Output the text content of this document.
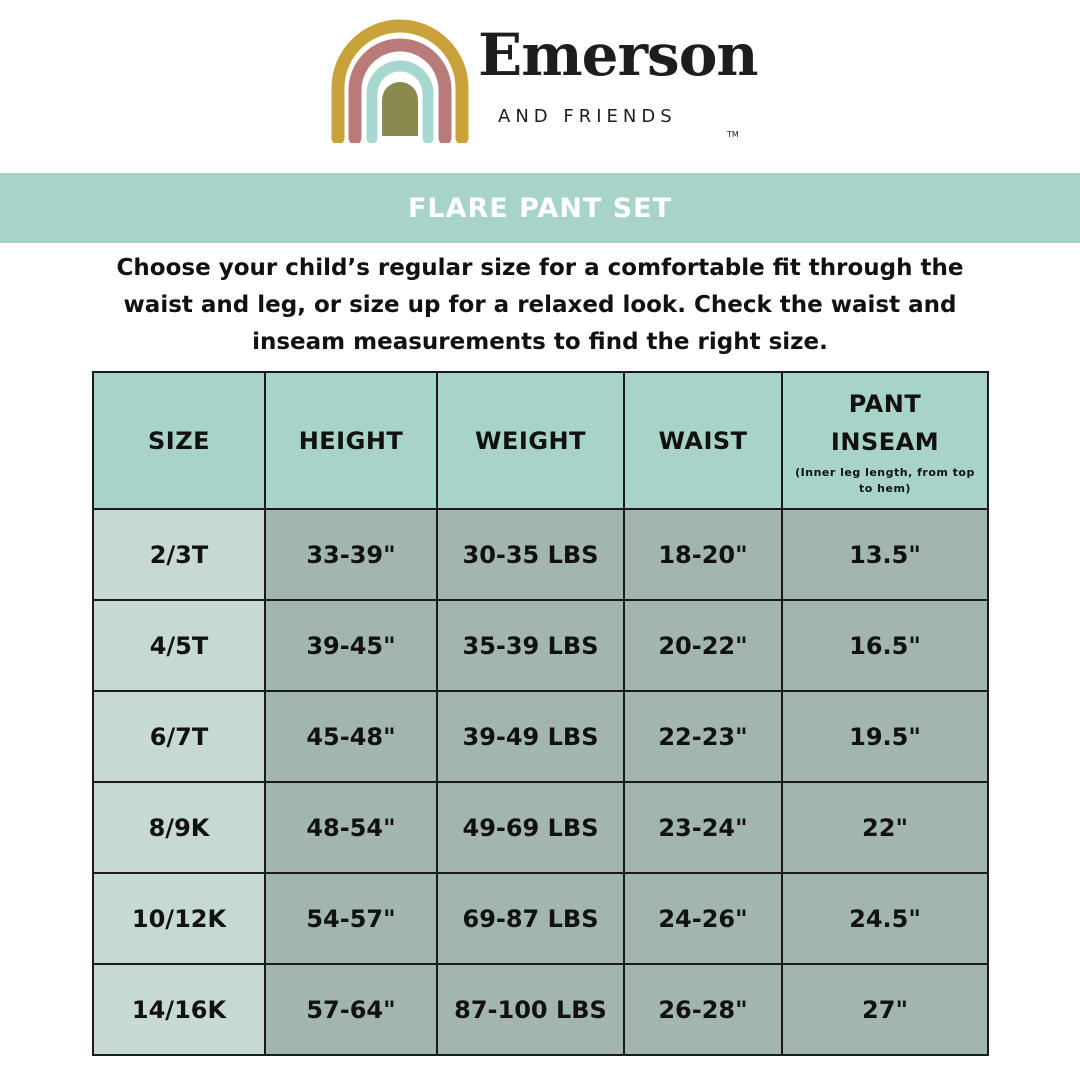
Emerson
AND FRIENDS
TM
FLARE PANT SET
Choose your child’s regular size for a comfortable fit through the waist and leg, or size up for a relaxed look. Check the waist and inseam measurements to find the right size.
SIZE	HEIGHT	WEIGHT	WAIST	PANT
INSEAM
(Inner leg length, from top to hem)

2/3T	33-39"	30-35 LBS	18-20"	13.5"
4/5T	39-45"	35-39 LBS	20-22"	16.5"
6/7T	45-48"	39-49 LBS	22-23"	19.5"
8/9K	48-54"	49-69 LBS	23-24"	22"
10/12K	54-57"	69-87 LBS	24-26"	24.5"
14/16K	57-64"	87-100 LBS	26-28"	27"
